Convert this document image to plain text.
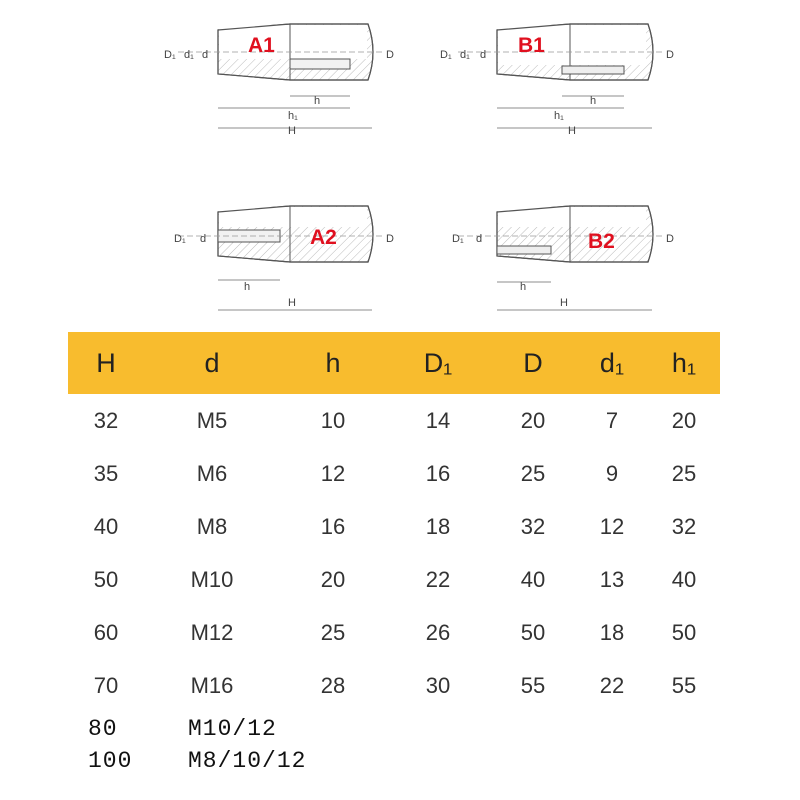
A1
D₁ d₁ d	D
h
h₁
H
B1
D₁ d₁ d	D
h
h₁
H
A2
D₁ d	D
h
H
B2
D₁ d	D
h
H
H	d	h	D₁	D	d₁	h₁
32	M5	10	14	20	7	20
35	M6	12	16	25	9	25
40	M8	16	18	32	12	32
50	M10	20	22	40	13	40
60	M12	25	26	50	18	50
70	M16	28	30	55	22	55
80	M10/12
100 M8/10/12
